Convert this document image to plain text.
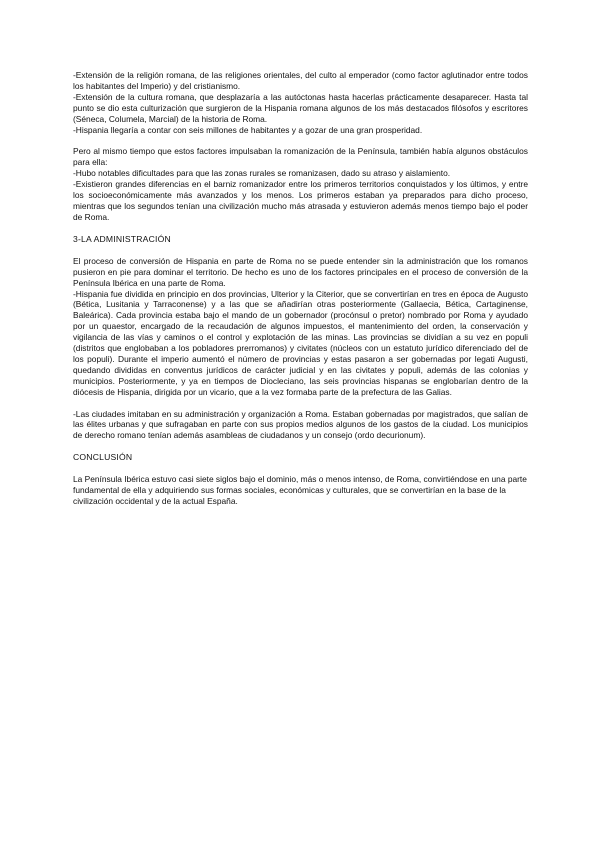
-Extensión de la religión romana, de las religiones orientales, del culto al emperador (como factor aglutinador entre todos los habitantes del Imperio) y del cristianismo.

-Extensión de la cultura romana, que desplazaría a las autóctonas hasta hacerlas prácticamente desaparecer. Hasta tal punto se dio esta culturización que surgieron de la Hispania romana algunos de los más destacados filósofos y escritores (Séneca, Columela, Marcial) de la historia de Roma.

-Hispania llegaría a contar con seis millones de habitantes y a gozar de una gran prosperidad.

Pero al mismo tiempo que estos factores impulsaban la romanización de la Península, también había algunos obstáculos para ella:

-Hubo notables dificultades para que las zonas rurales se romanizasen, dado su atraso y aislamiento.

-Existieron grandes diferencias en el barniz romanizador entre los primeros territorios conquistados y los últimos, y entre los socioeconómicamente más avanzados y los menos. Los primeros estaban ya preparados para dicho proceso, mientras que los segundos tenían una civilización mucho más atrasada y estuvieron además menos tiempo bajo el poder de Roma.

3-LA ADMINISTRACIÓN

El proceso de conversión de Hispania en parte de Roma no se puede entender sin la administración que los romanos pusieron en pie para dominar el territorio. De hecho es uno de los factores principales en el proceso de conversión de la Península Ibérica en una parte de Roma.

-Hispania fue dividida en principio en dos provincias, Ulterior y la Citerior, que se convertirían en tres en época de Augusto (Bética, Lusitania y Tarraconense) y a las que se añadirían otras posteriormente (Gallaecia, Bética, Cartaginense, Baleárica). Cada provincia estaba bajo el mando de un gobernador (procónsul o pretor) nombrado por Roma y ayudado por un quaestor, encargado de la recaudación de algunos impuestos, el mantenimiento del orden, la conservación y vigilancia de las vías y caminos o el control y explotación de las minas. Las provincias se dividían a su vez en populi (distritos que englobaban a los pobladores prerromanos) y civitates (núcleos con un estatuto jurídico diferenciado del de los populi). Durante el imperio aumentó el número de provincias y estas pasaron a ser gobernadas por legati Augusti, quedando divididas en conventus jurídicos de carácter judicial y en las civitates y populi, además de las colonias y municipios. Posteriormente, y ya en tiempos de Diocleciano, las seis provincias hispanas se englobarían dentro de la diócesis de Hispania, dirigida por un vicario, que a la vez formaba parte de la prefectura de las Galias.

-Las ciudades imitaban en su administración y organización a Roma. Estaban gobernadas por magistrados, que salían de las élites urbanas y que sufragaban en parte con sus propios medios algunos de los gastos de la ciudad. Los municipios de derecho romano tenían además asambleas de ciudadanos y un consejo (ordo decurionum).

CONCLUSIÓN

La Península Ibérica estuvo casi siete siglos bajo el dominio, más o menos intenso, de Roma, convirtiéndose en una parte fundamental de ella y adquiriendo sus formas sociales, económicas y culturales, que se convertirían en la base de la civilización occidental y de la actual España.
